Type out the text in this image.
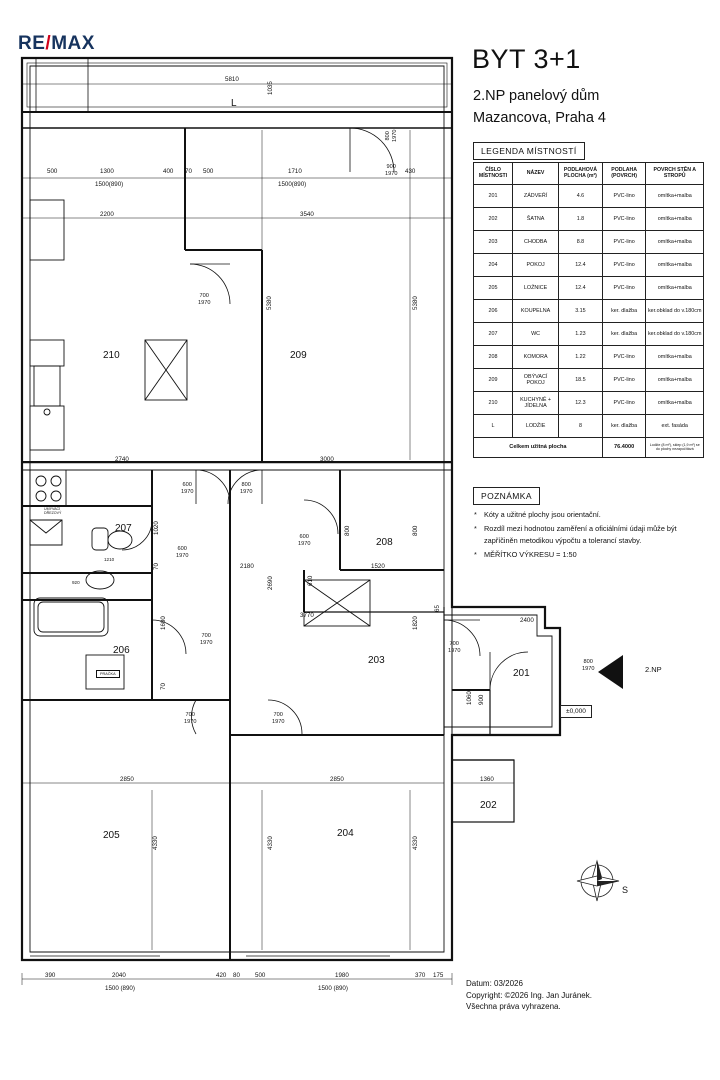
RE/MAX
BYT 3+1
2.NP panelový dům
Mazancova, Praha 4
LEGENDA MÍSTNOSTÍ
ČÍSLO MÍSTNOSTI	NÁZEV	PODLAHOVÁ PLOCHA (m²)	PODLAHA (POVRCH)	POVRCH STĚN A STROPŮ
201	ZÁDVEŘÍ	4.6	PVC-lino	omítka+malba
202	ŠATNA	1.8	PVC-lino	omítka+malba
203	CHODBA	8.8	PVC-lino	omítka+malba
204	POKOJ	12.4	PVC-lino	omítka+malba
205	LOŽNICE	12.4	PVC-lino	omítka+malba
206	KOUPELNA	3.15	ker. dlažba	ker.obklad do v.180cm
207	WC	1.23	ker. dlažba	ker.obklad do v.180cm
208	KOMORA	1.22	PVC-lino	omítka+malba
209	OBÝVACÍ POKOJ	18.5	PVC-lino	omítka+malba
210	KUCHYNĚ + JÍDELNA	12.3	PVC-lino	omítka+malba
L	LODŽIE	8	ker. dlažba	ext. fasáda
Celkem užitná plocha			76.4000	Lodžie (8 m²), sklep (1,9 m²) se do plochy nezapočítává
POZNÁMKA
* Kóty a užitné plochy jsou orientační.
* Rozdíl mezi hodnotou zaměření a oficiálními údaji může být zapříčiněn metodikou výpočtu a tolerancí stavby.
* MĚŘÍTKO VÝKRESU = 1:50
S
Datum: 03/2026
Copyright: ©2026 Ing. Jan Juránek.
Všechna práva vyhrazena.
L
210	209
207
206
208
203
201
202
205	204
5810
500	1300	400 70 500	1710	430
1500(890)	1500(890)
2200	3540
2740	3000
2180
3770
1520
2400
2850	2850	1360
390	2040	420 80 500	1980	370 175
1500 (890)	1500 (890)
1035
5380	5380
1020
70
800	800
2690	610
1820
1600
70
4330	4330	4330
1060 900
65
800 1970
900
1970
700
1970
600
1970
800
1970
600
1970
600
1970
700
1970	700
1970
800
1970
700
1970
700
1970
±0,000
2.NP
PRAČKA
UMÝVACÍ
DŘEZOVÝ
1210
920
